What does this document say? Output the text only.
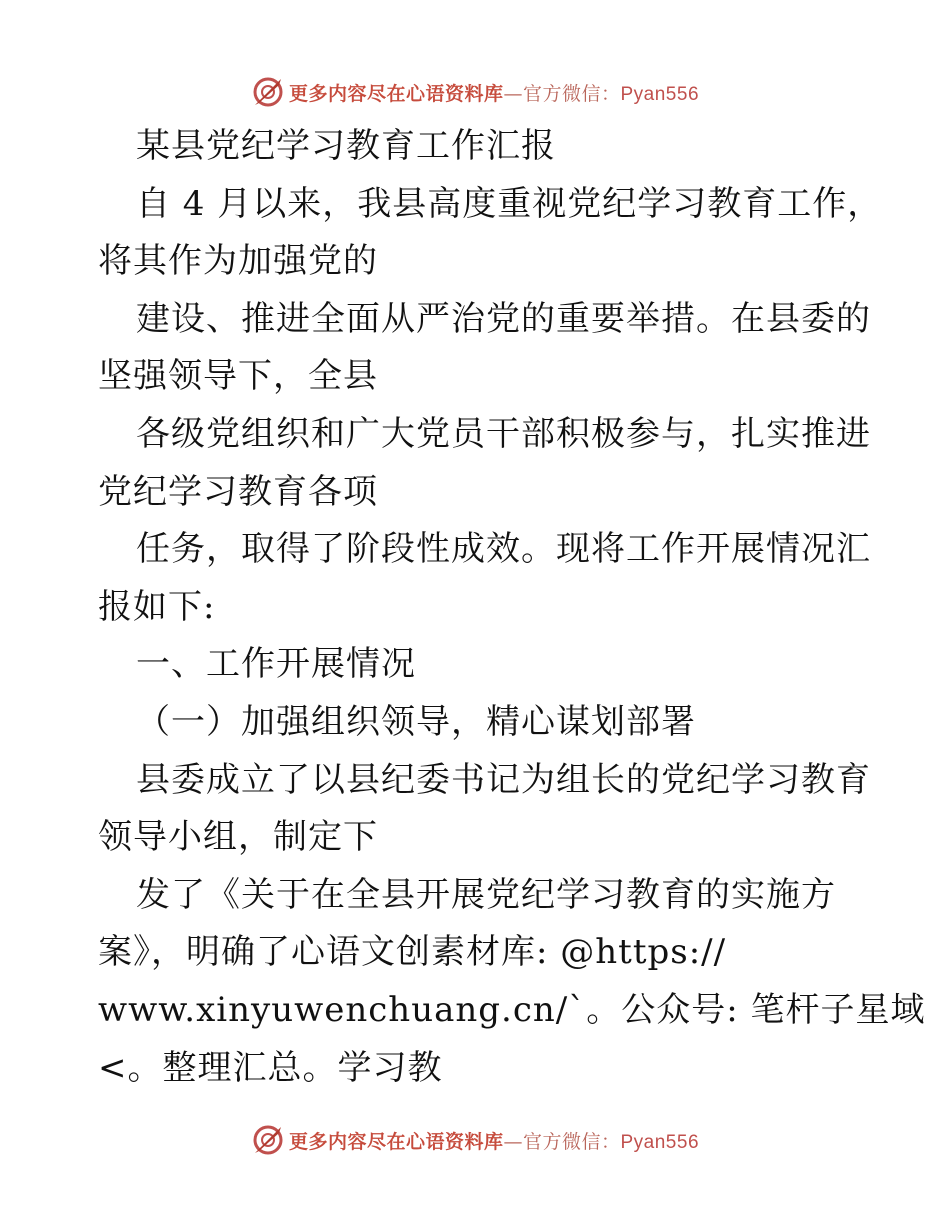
更多内容尽在心语资料库—官方微信：Pyan556
某县党纪学习教育工作汇报
自 4 月以来，我县高度重视党纪学习教育工作，
将其作为加强党的
建设、推进全面从严治党的重要举措。在县委的
坚强领导下，全县
各级党组织和广大党员干部积极参与，扎实推进
党纪学习教育各项
任务，取得了阶段性成效。现将工作开展情况汇
报如下:
一、工作开展情况
（一）加强组织领导，精心谋划部署
县委成立了以县纪委书记为组长的党纪学习教育
领导小组，制定下
发了《关于在全县开展党纪学习教育的实施方
案》，明确了心语文创素材库: @https://
www.xinyuwenchuang.cn/`。公众号: 笔杆子星域
<。整理汇总。学习教
更多内容尽在心语资料库—官方微信：Pyan556
